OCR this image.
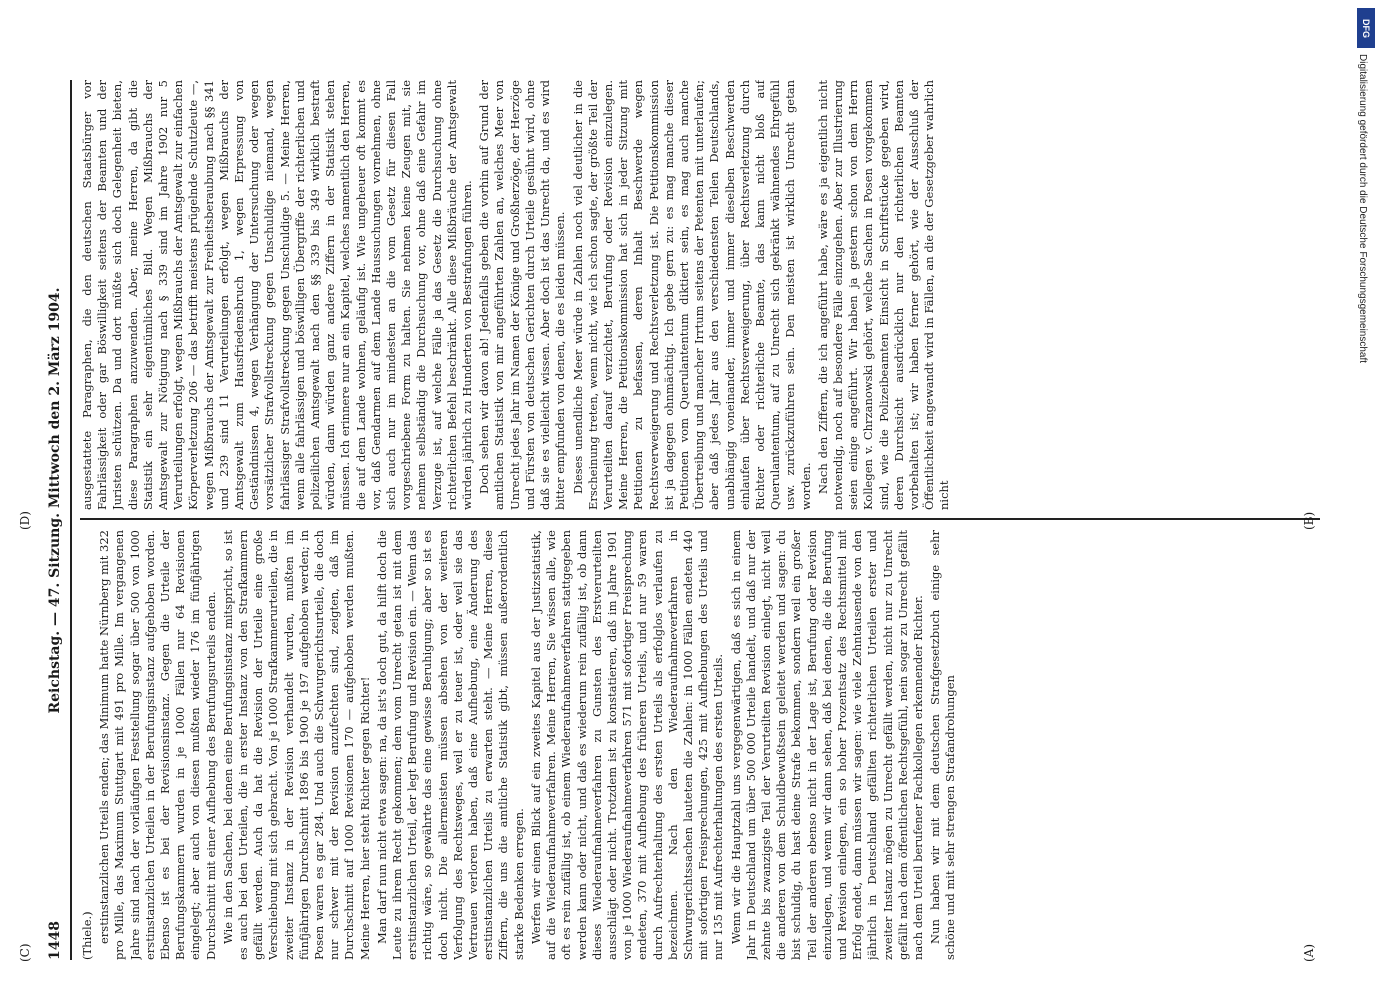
1448
Reichstag. — 47. Sitzung. Mittwoch den 2. März 1904.

(Thiele.) erstinstanzlichen Urteils enden; das Minimum hatte Nürnberg mit 322 pro Mille, das Maximum Stuttgart mit 491 pro Mille. Im vergangenen Jahre sind nach der vorläufigen Feststellung sogar über 500 von 1000 erstinstanzlichen Urteilen in der Berufungsinstanz aufgehoben worden. Ebenso ist es bei der Revisionsinstanz. Gegen die Urteile der Berufungskammern wurden in je 1000 Fällen nur 64 Revisionen eingelegt; aber auch von diesen mußten wieder 176 im fünfjährigen Durchschnitt mit einer Aufhebung des Berufungsurteils enden. Wie in den Sachen, bei denen eine Berufungsinstanz mitspricht, so ist es auch bei den Urteilen, die in erster Instanz von den Strafkammern gefällt werden. Auch da hat die Revision der Urteile eine große Verschiebung mit sich gebracht. Von je 1000 Strafkammerurteilen, die in zweiter Instanz in der Revision verhandelt wurden, mußten im fünfjährigen Durchschnitt 1896 bis 1900 je 197 aufgehoben werden; in Posen waren es gar 284. Und auch die Schwurgerichtsurteile, die doch nur schwer mit der Revision anzufechten sind, zeigten, daß im Durchschnitt auf 1000 Revisionen 170 — aufgehoben werden mußten. Meine Herren, hier steht Richter gegen Richter! Man darf nun nicht etwa sagen: na, da ist's doch gut, da hilft doch die Leute zu ihrem Recht gekommen; dem vom Unrecht getan ist mit dem erstinstanzlichen Urteil, der legt Berufung und Revision ein. — Wenn das richtig wäre, so gewährte das eine gewisse Beruhigung; aber so ist es doch nicht. Die allermeisten müssen absehen von der weiteren Verfolgung des Rechtsweges, weil er zu teuer ist, oder weil sie das Vertrauen verloren haben, daß eine Aufhebung, eine Änderung des erstinstanzlichen Urteils zu erwarten steht. — Meine Herren, diese Ziffern, die uns die amtliche Statistik gibt, müssen außerordentlich starke Bedenken erregen. Werfen wir einen Blick auf ein zweites Kapitel aus der Justizstatistik, auf die Wiederaufnahmeverfahren. Meine Herren, Sie wissen alle, wie oft es rein zufällig ist, ob einem Wiederaufnahmeverfahren stattgegeben werden kann oder nicht, und daß es wiederum rein zufällig ist, ob dann dieses Wiederaufnahmeverfahren zu Gunsten des Erstverurteilten ausschlägt oder nicht. Trotzdem ist zu konstatieren, daß im Jahre 1901 von je 1000 Wiederaufnahmeverfahren 571 mit sofortiger Freisprechung endeten, 370 mit Aufhebung des früheren Urteils, und nur 59 waren durch Aufrechterhaltung des ersten Urteils als erfolglos verlaufen zu bezeichnen. Nach den Wiederaufnahmeverfahren in Schwurgerichtssachen lauteten die Zahlen: in 1000 Fällen endeten 440 mit sofortigen Freisprechungen, 425 mit Aufhebungen des Urteils und nur 135 mit Aufrechterhaltungen des ersten Urteils. Wenn wir die Hauptzahl uns vergegenwärtigen, daß es sich in einem Jahr in Deutschland um über 500 000 Urteile handelt, und daß nur der zehnte bis zwanzigste Teil der Verurteilten Revision einlegt, nicht weil die anderen von dem Schuldbewußtsein geleitet werden und sagen: du bist schuldig, du hast deine Strafe bekommen, sondern weil ein großer Teil der anderen ebenso nicht in der Lage ist, Berufung oder Revision einzulegen, und wenn wir dann sehen, daß bei denen, die die Berufung und Revision einlegen, ein so hoher Prozentsatz des Rechtsmittel mit Erfolg endet, dann müssen wir sagen: wie viele Zehntausende von den jährlich in Deutschland gefällten richterlichen Urteilen erster und zweiter Instanz mögen zu Unrecht gefällt werden, nicht nur zu Unrecht gefällt nach dem öffentlichen Rechtsgefühl, nein sogar zu Unrecht gefällt nach dem Urteil berufener Fachkollegen erkennender Richter. Nun haben wir mit dem deutschen Strafgesetzbuch einige sehr schöne und mit sehr strengen Strafandrohungen

ausgestattete Paragraphen, die den deutschen Staatsbürger vor Fahrlässigkeit oder gar Böswilligkeit seitens der Beamten und der Juristen schützen. Da und dort müßte sich doch Gelegenheit bieten, diese Paragraphen anzuwenden. Aber, meine Herren, da gibt die Statistik ein sehr eigentümliches Bild. Wegen Mißbrauchs der Amtsgewalt zur Nötigung nach § 339 sind im Jahre 1902 nur 5 Verurteilungen erfolgt, wegen Mißbrauchs der Amtsgewalt zur einfachen Körperverletzung 206 — das betrifft meistens prügelnde Schutzleute —, wegen Mißbrauchs der Amtsgewalt zur Freiheitsberaubung nach §§ 341 und 239 sind 11 Verurteilungen erfolgt, wegen Mißbrauchs der Amtsgewalt zum Hausfriedensbruch 1, wegen Erpressung von Geständnissen 4, wegen Verhängung der Untersuchung oder wegen vorsätzlicher Strafvollstreckung gegen Unschuldige niemand, wegen fahrlässiger Strafvollstreckung gegen Unschuldige 5. — Meine Herren, wenn alle fahrlässigen und böswilligen Übergriffe der richterlichen und polizeilichen Amtsgewalt nach den §§ 339 bis 349 wirklich bestraft würden, dann würden ganz andere Ziffern in der Statistik stehen müssen. Ich erinnere nur an ein Kapitel, welches namentlich den Herren, die auf dem Lande wohnen, geläufig ist. Wie ungeheuer oft kommt es vor, daß Gendarmen auf dem Lande Haussuchungen vornehmen, ohne sich auch nur im mindesten an die vom Gesetz für diesen Fall vorgeschriebene Form zu halten. Sie nehmen keine Zeugen mit, sie nehmen selbständig die Durchsuchung vor, ohne daß eine Gefahr im Verzuge ist, auf welche Fälle ja das Gesetz die Durchsuchung ohne richterlichen Befehl beschränkt. Alle diese Mißbräuche der Amtsgewalt würden jährlich zu Hunderten von Bestrafungen führen. Doch sehen wir davon ab! Jedenfalls geben die vorhin auf Grund der amtlichen Statistik von mir angeführten Zahlen an, welches Meer von Unrecht jedes Jahr im Namen der Könige und Großherzöge, der Herzöge und Fürsten von deutschen Gerichten durch Urteile gesühnt wird, ohne daß sie es vielleicht wissen. Aber doch ist das Unrecht da, und es wird bitter empfunden von denen, die es leiden müssen. Dieses unendliche Meer würde in Zahlen noch viel deutlicher in die Erscheinung treten, wenn nicht, wie ich schon sagte, der größte Teil der Verurteilten darauf verzichtet, Berufung oder Revision einzulegen. Meine Herren, die Petitionskommission hat sich in jeder Sitzung mit Petitionen zu befassen, deren Inhalt Beschwerde wegen Rechtsverweigerung und Rechtsverletzung ist. Die Petitionskommission ist ja dagegen ohnmächtig. Ich gebe gern zu: es mag manche dieser Petitionen vom Querulantentum diktiert sein, es mag auch manche Übertreibung und mancher Irrtum seitens der Petenten mit unterlaufen; aber daß jedes Jahr aus den verschiedensten Teilen Deutschlands, unabhängig voneinander, immer und immer dieselben Beschwerden einlaufen über Rechtsverweigerung, über Rechtsverletzung durch Richter oder richterliche Beamte, das kann nicht bloß auf Querulantentum, auf zu Unrecht sich gekränkt wähnendes Ehrgefühl usw. zurückzuführen sein. Den meisten ist wirklich Unrecht getan worden. Nach den Ziffern, die ich angeführt habe, wäre es ja eigentlich nicht notwendig, noch auf besondere Fälle einzugehen. Aber zur Illustrierung seien einige angeführt. Wir haben ja gestern schon von dem Herrn Kollegen v. Chrzanowski gehört, welche Sachen in Posen vorgekommen sind, wie die Polizeibeamten Einsicht in Schriftstücke gegeben wird, deren Durchsicht ausdrücklich nur den richterlichen Beamten vorbehalten ist; wir haben ferner gehört, wie der Ausschluß der Öffentlichkeit angewandt wird in Fällen, an die der Gesetzgeber wahrlich nicht

(A)
(B)
(C)
(D)
DFG
Digitalisierung gefördert durch die Deutsche Forschungsgemeinschaft
